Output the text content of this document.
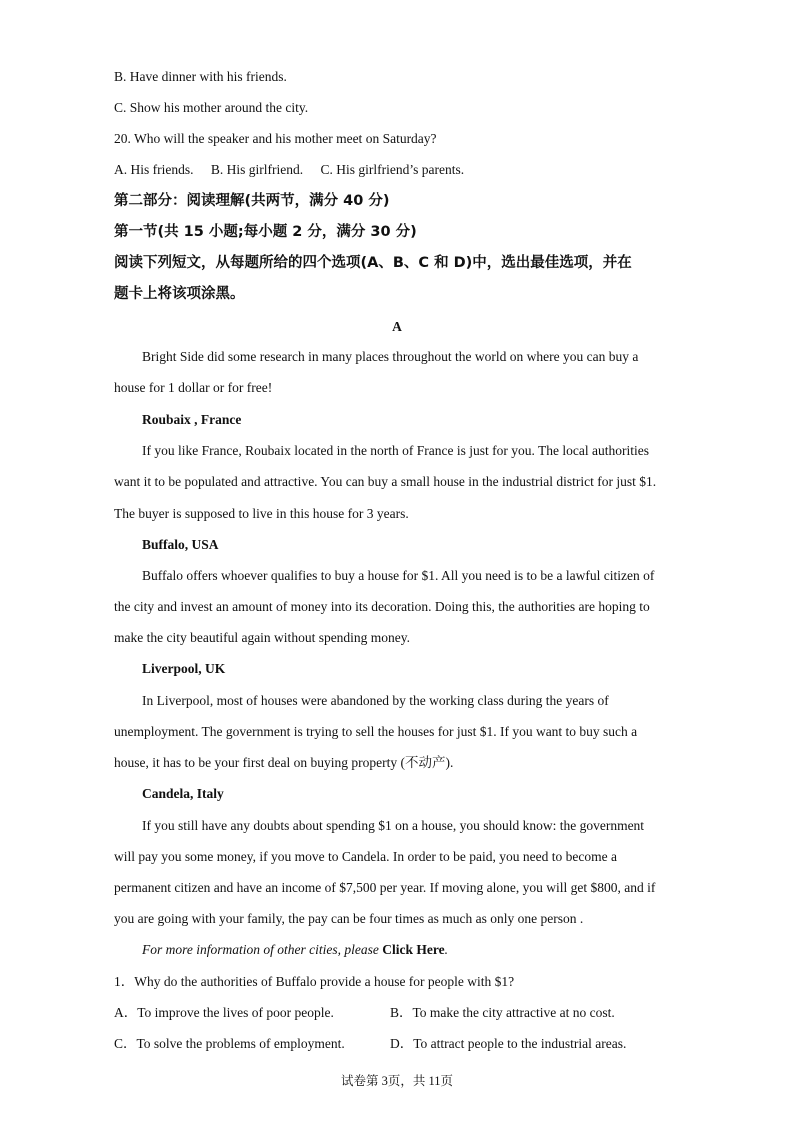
B. Have dinner with his friends.
C. Show his mother around the city.
20. Who will the speaker and his mother meet on Saturday?
A. His friends. B. His girlfriend. C. His girlfriend’s parents.
第二部分：阅读理解(共两节，满分 40 分)
第一节(共 15 小题;每小题 2 分，满分 30 分)
阅读下列短文，从每题所给的四个选项(A、B、C 和 D)中，选出最佳选项，并在
题卡上将该项涂黑。
A
Bright Side did some research in many places throughout the world on where you can buy a
house for 1 dollar or for free!
Roubaix , France
If you like France, Roubaix located in the north of France is just for you. The local authorities
want it to be populated and attractive. You can buy a small house in the industrial district for just $1.
The buyer is supposed to live in this house for 3 years.
Buffalo, USA
Buffalo offers whoever qualifies to buy a house for $1. All you need is to be a lawful citizen of
the city and invest an amount of money into its decoration. Doing this, the authorities are hoping to
make the city beautiful again without spending money.
Liverpool, UK
In Liverpool, most of houses were abandoned by the working class during the years of
unemployment. The government is trying to sell the houses for just $1. If you want to buy such a
house, it has to be your first deal on buying property (不动产).
Candela, Italy
If you still have any doubts about spending $1 on a house, you should know: the government
will pay you some money, if you move to Candela. In order to be paid, you need to become a
permanent citizen and have an income of $7,500 per year. If moving alone, you will get $800, and if
you are going with your family, the pay can be four times as much as only one person .
For more information of other cities, please Click Here.
1．Why do the authorities of Buffalo provide a house for people with $1?
A．To improve the lives of poor people.	B．To make the city attractive at no cost.
C．To solve the problems of employment.	D．To attract people to the industrial areas.
试卷第 3页，共 11页
